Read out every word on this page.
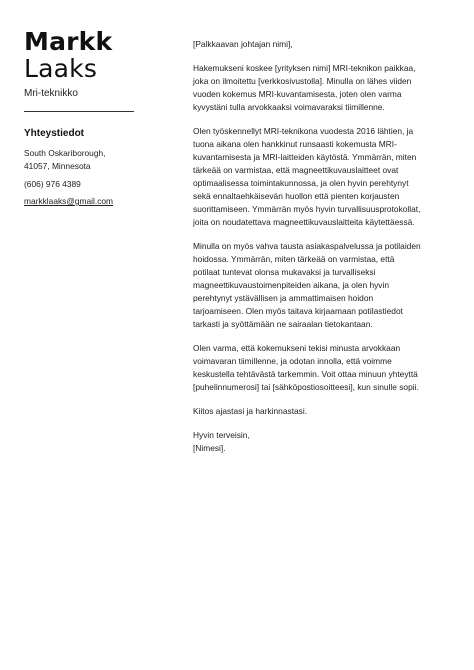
Markk
Laaks
Mri-teknikko
Yhteystiedot
South Oskariborough,
41057, Minnesota
(606) 976 4389
markklaaks@gmail.com

[Palkkaavan johtajan nimi],

Hakemukseni koskee [yrityksen nimi] MRI-teknikon paikkaa, joka on ilmoitettu [verkkosivustolla]. Minulla on lähes viiden vuoden kokemus MRI-kuvantamisesta, joten olen varma kyvystäni tulla arvokkaaksi voimavaraksi tiimillenne.

Olen työskennellyt MRI-teknikona vuodesta 2016 lähtien, ja tuona aikana olen hankkinut runsaasti kokemusta MRI-kuvantamisesta ja MRI-laitteiden käytöstä. Ymmärrän, miten tärkeää on varmistaa, että magneettikuvauslaitteet ovat optimaalisessa toimintakunnossa, ja olen hyvin perehtynyt sekä ennaltaehkäisevän huollon että pienten korjausten suorittamiseen. Ymmärrän myös hyvin turvallisuusprotokollat, joita on noudatettava magneettikuvauslaitteita käytettäessä.

Minulla on myös vahva tausta asiakaspalvelussa ja potilaiden hoidossa. Ymmärrän, miten tärkeää on varmistaa, että potilaat tuntevat olonsa mukavaksi ja turvalliseksi magneettikuvaustoimenpiteiden aikana, ja olen hyvin perehtynyt ystävällisen ja ammattimaisen hoidon tarjoamiseen. Olen myös taitava kirjaamaan potilastiedot tarkasti ja syöttämään ne sairaalan tietokantaan.

Olen varma, että kokemukseni tekisi minusta arvokkaan voimavaran tiimillenne, ja odotan innolla, että voimme keskustella tehtävästä tarkemmin. Voit ottaa minuun yhteyttä [puhelinnumerosi] tai [sähköpostiosoitteesi], kun sinulle sopii.

Kiitos ajastasi ja harkinnastasi.

Hyvin terveisin,
[Nimesi].
